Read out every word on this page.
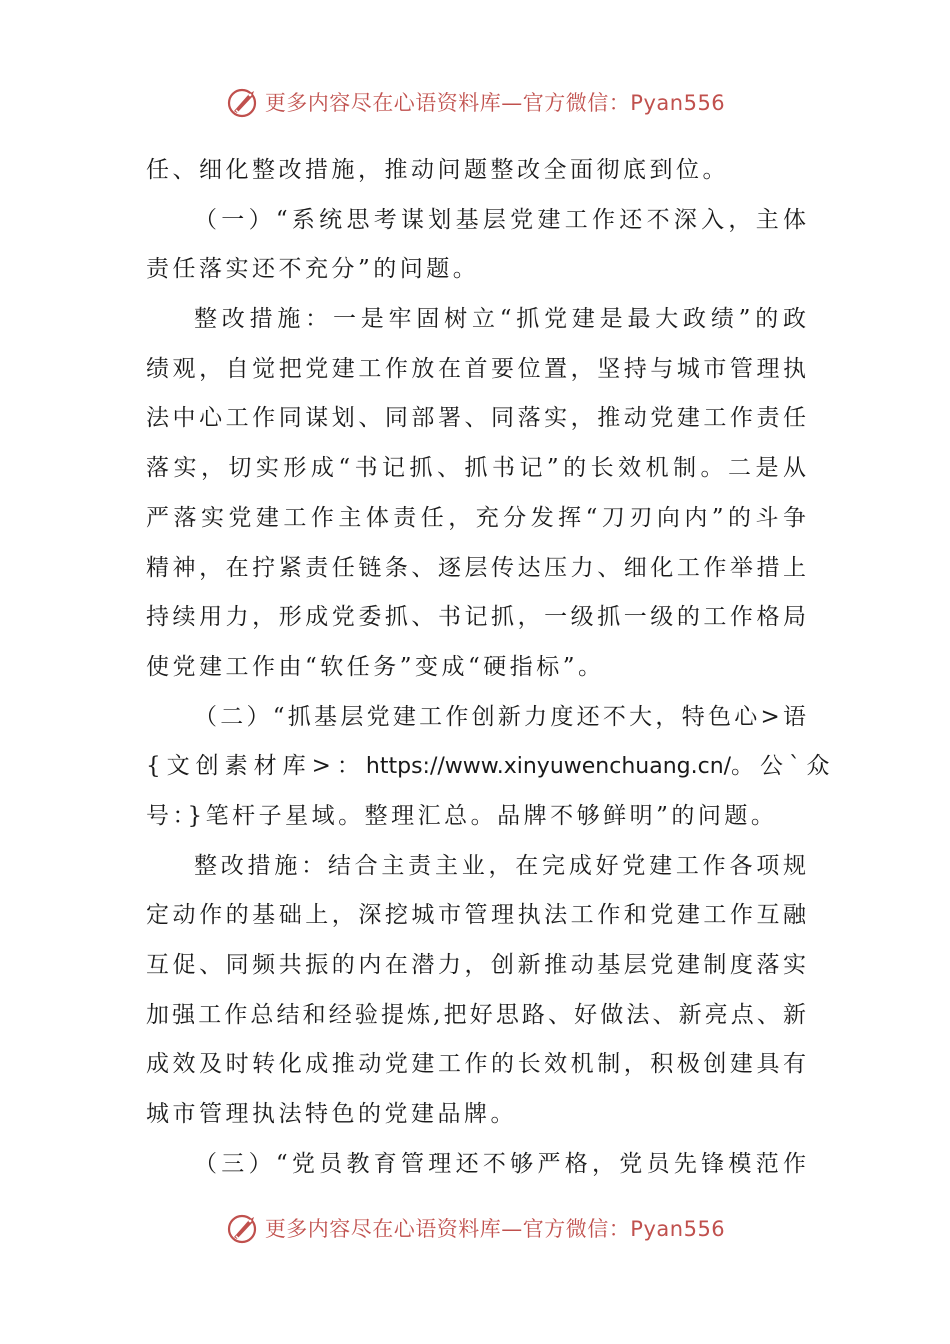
更多内容尽在心语资料库—官方微信：Pyan556
任、细化整改措施，推动问题整改全面彻底到位。
（一）“系统思考谋划基层党建工作还不深入，主体
责任落实还不充分”的问题。
整改措施：一是牢固树立“抓党建是最大政绩”的政
绩观，自觉把党建工作放在首要位置，坚持与城市管理执
法中心工作同谋划、同部署、同落实，推动党建工作责任
落实，切实形成“书记抓、抓书记”的长效机制。二是从
严落实党建工作主体责任，充分发挥“刀刃向内”的斗争
精神，在拧紧责任链条、逐层传达压力、细化工作举措上
持续用力，形成党委抓、书记抓，一级抓一级的工作格局
使党建工作由“软任务”变成“硬指标”。
（二）“抓基层党建工作创新力度还不大，特色心>语
{文创素材库>：https://www.xinyuwenchuang.cn/。公`众
号：}笔杆子星域。整理汇总。品牌不够鲜明”的问题。
整改措施：结合主责主业，在完成好党建工作各项规
定动作的基础上，深挖城市管理执法工作和党建工作互融
互促、同频共振的内在潜力，创新推动基层党建制度落实
加强工作总结和经验提炼,把好思路、好做法、新亮点、新
成效及时转化成推动党建工作的长效机制，积极创建具有
城市管理执法特色的党建品牌。
（三）“党员教育管理还不够严格，党员先锋模范作
更多内容尽在心语资料库—官方微信：Pyan556
